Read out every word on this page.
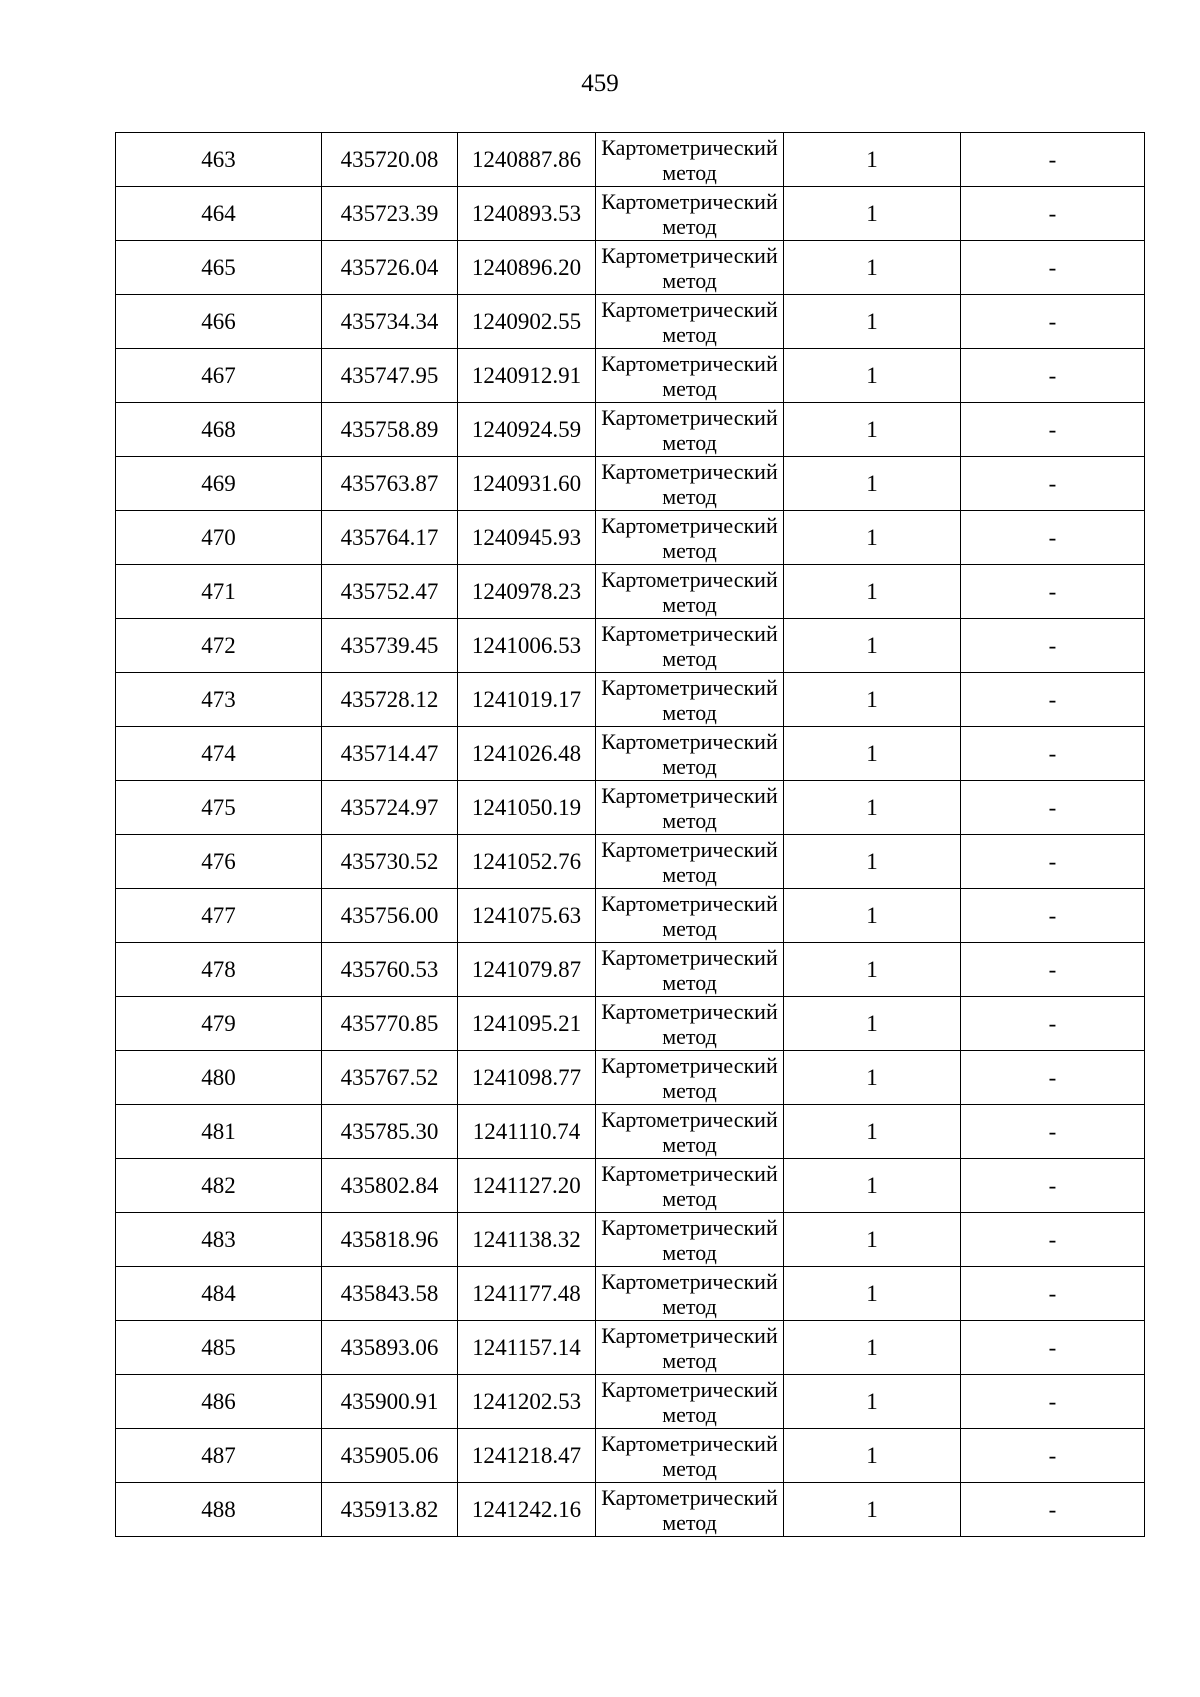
459
463	435720.08	1240887.86	Картометрический метод	1	-
464	435723.39	1240893.53	Картометрический метод	1	-
465	435726.04	1240896.20	Картометрический метод	1	-
466	435734.34	1240902.55	Картометрический метод	1	-
467	435747.95	1240912.91	Картометрический метод	1	-
468	435758.89	1240924.59	Картометрический метод	1	-
469	435763.87	1240931.60	Картометрический метод	1	-
470	435764.17	1240945.93	Картометрический метод	1	-
471	435752.47	1240978.23	Картометрический метод	1	-
472	435739.45	1241006.53	Картометрический метод	1	-
473	435728.12	1241019.17	Картометрический метод	1	-
474	435714.47	1241026.48	Картометрический метод	1	-
475	435724.97	1241050.19	Картометрический метод	1	-
476	435730.52	1241052.76	Картометрический метод	1	-
477	435756.00	1241075.63	Картометрический метод	1	-
478	435760.53	1241079.87	Картометрический метод	1	-
479	435770.85	1241095.21	Картометрический метод	1	-
480	435767.52	1241098.77	Картометрический метод	1	-
481	435785.30	1241110.74	Картометрический метод	1	-
482	435802.84	1241127.20	Картометрический метод	1	-
483	435818.96	1241138.32	Картометрический метод	1	-
484	435843.58	1241177.48	Картометрический метод	1	-
485	435893.06	1241157.14	Картометрический метод	1	-
486	435900.91	1241202.53	Картометрический метод	1	-
487	435905.06	1241218.47	Картометрический метод	1	-
488	435913.82	1241242.16	Картометрический метод	1	-
